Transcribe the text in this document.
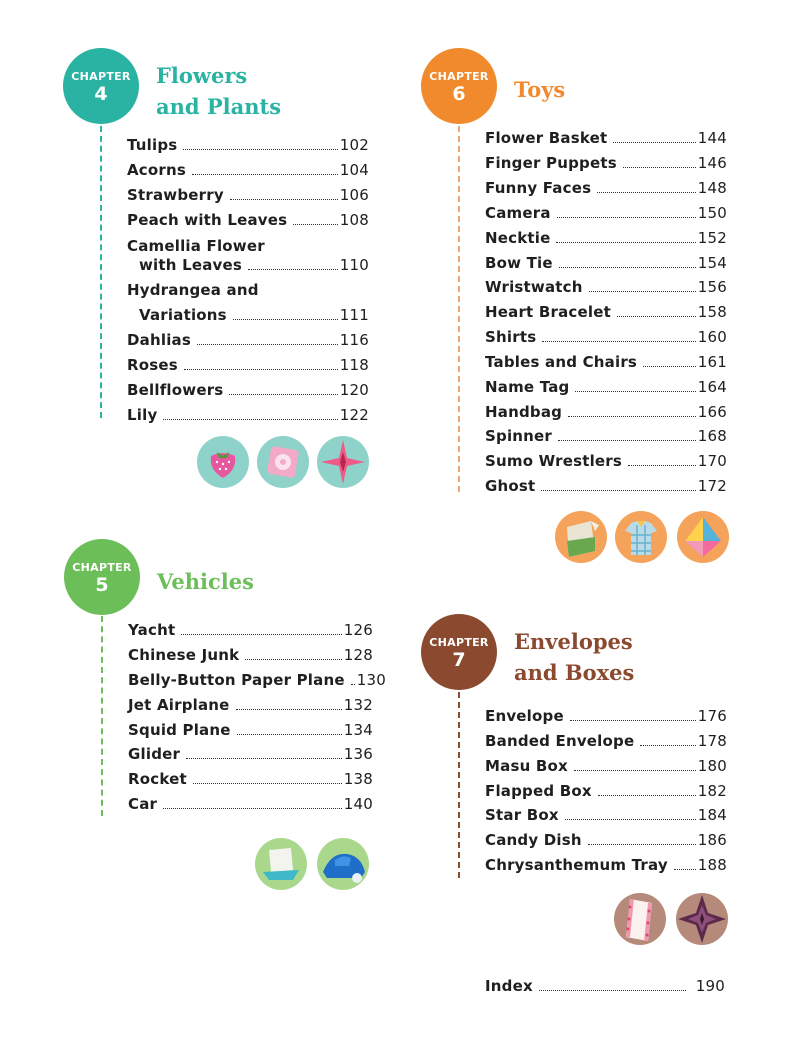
CHAPTER
4
Flowers
and Plants
Tulips	102
Acorns	104
Strawberry	106
Peach with Leaves	108
Camellia Flower
with Leaves	110
Hydrangea and
Variations	111
Dahlias	116
Roses	118
Bellflowers	120
Lily	122
CHAPTER
6	Toys
Flower Basket	144
Finger Puppets	146
Funny Faces	148
Camera	150
Necktie	152
Bow Tie	154
Wristwatch	156
Heart Bracelet	158
Shirts	160
Tables and Chairs	161
Name Tag	164
Handbag	166
Spinner	168
Sumo Wrestlers	170
Ghost	172
CHAPTER
5	Vehicles
Yacht	126
Chinese Junk	128
Belly-Button Paper Plane 130
Jet Airplane	132
Squid Plane	134
Glider	136
Rocket	138
Car	140
CHAPTER
7
Envelopes
and Boxes
Envelope	176
Banded Envelope	178
Masu Box	180
Flapped Box	182
Star Box	184
Candy Dish	186
Chrysanthemum Tray 188
Index	190
